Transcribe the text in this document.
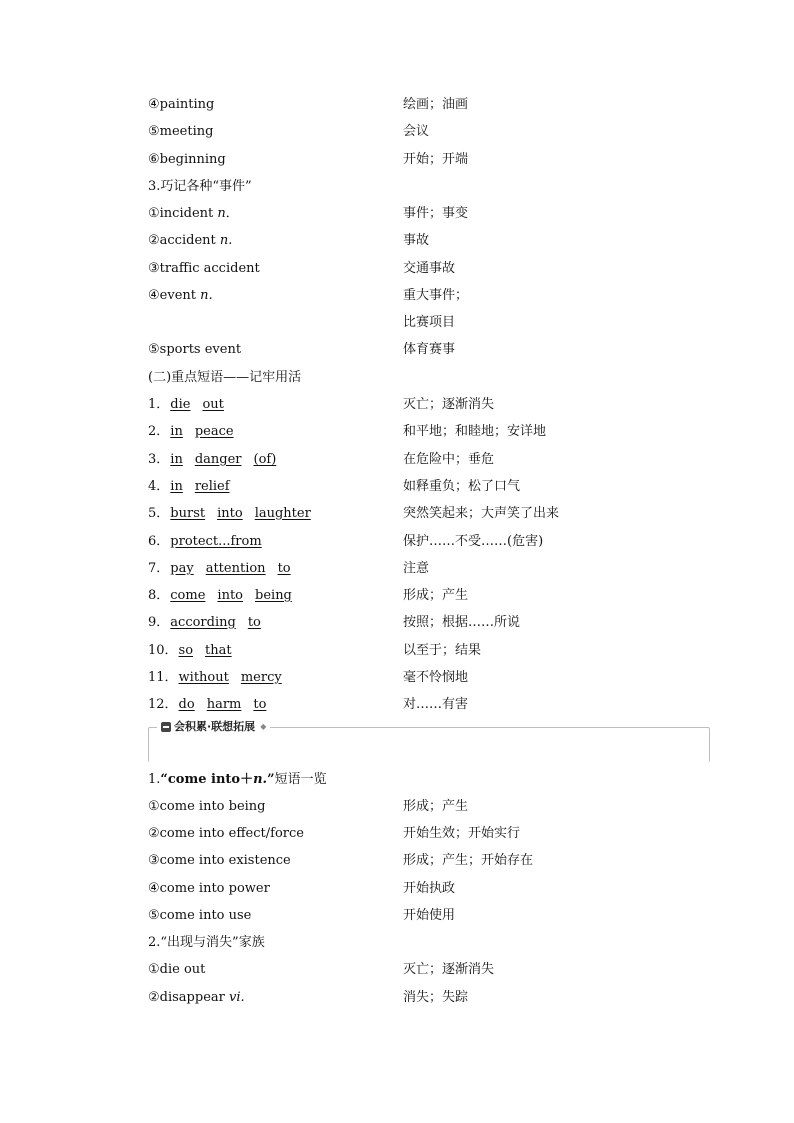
④painting	绘画；油画
⑤meeting	会议
⑥beginning	开始；开端
3.巧记各种“事件”
①incident n．	事件；事变
②accident n.	事故
③traffic accident	交通事故
④event n.	重大事件；
比赛项目
⑤sports event	体育赛事
(二)重点短语——记牢用活
1．die out	灭亡；逐渐消失
2．in peace	和平地；和睦地；安详地
3．in danger (of)	在危险中；垂危
4．in relief	如释重负；松了口气
5．burst into laughter	突然笑起来；大声笑了出来
6．protect...from	保护……不受……(危害)
7．pay attention to	注意
8．come into being	形成；产生
9．according to	按照；根据……所说
10．so that	以至于；结果
11．without mercy	毫不怜悯地
12．do harm to	对……有害
会积累·联想拓展 ◆
1.“come into＋n.”短语一览
①come into being	形成；产生
②come into effect/force	开始生效；开始实行
③come into existence	形成；产生；开始存在
④come into power	开始执政
⑤come into use	开始使用
2.“出现与消失”家族
①die out	灭亡；逐渐消失
②disappear vi.	消失；失踪
